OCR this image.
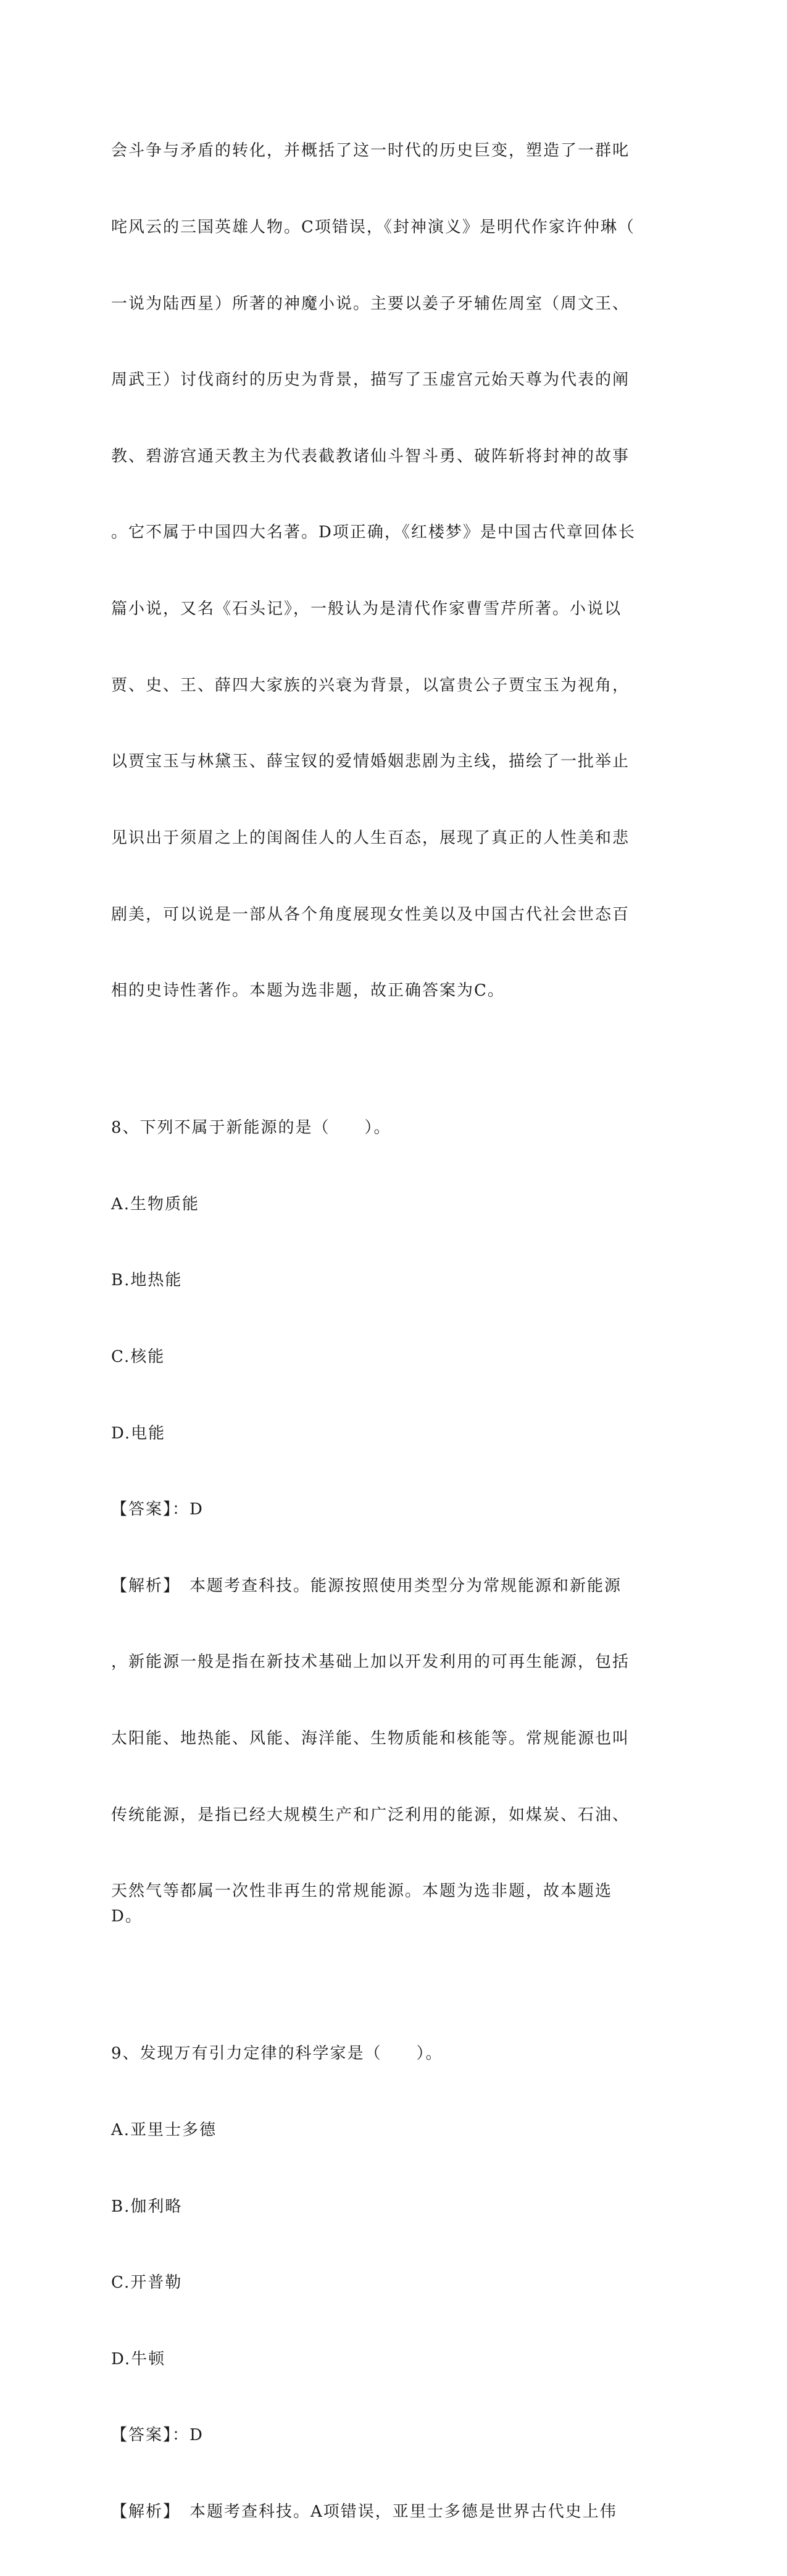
会斗争与矛盾的转化，并概括了这一时代的历史巨变，塑造了一群叱

咤风云的三国英雄人物。C项错误，《封神演义》是明代作家许仲琳（

一说为陆西星）所著的神魔小说。主要以姜子牙辅佐周室（周文王、

周武王）讨伐商纣的历史为背景，描写了玉虚宫元始天尊为代表的阐

教、碧游宫通天教主为代表截教诸仙斗智斗勇、破阵斩将封神的故事

。它不属于中国四大名著。D项正确，《红楼梦》是中国古代章回体长

篇小说，又名《石头记》，一般认为是清代作家曹雪芹所著。小说以

贾、史、王、薛四大家族的兴衰为背景，以富贵公子贾宝玉为视角，

以贾宝玉与林黛玉、薛宝钗的爱情婚姻悲剧为主线，描绘了一批举止

见识出于须眉之上的闺阁佳人的人生百态，展现了真正的人性美和悲

剧美，可以说是一部从各个角度展现女性美以及中国古代社会世态百

相的史诗性著作。本题为选非题，故正确答案为C。

8、下列不属于新能源的是（　　）。

A.生物质能

B.地热能

C.核能

D.电能

【答案】：D

【解析】　本题考查科技。能源按照使用类型分为常规能源和新能源

，新能源一般是指在新技术基础上加以开发利用的可再生能源，包括

太阳能、地热能、风能、海洋能、生物质能和核能等。常规能源也叫

传统能源，是指已经大规模生产和广泛利用的能源，如煤炭、石油、

天然气等都属一次性非再生的常规能源。本题为选非题，故本题选D。

9、发现万有引力定律的科学家是（　　）。

A.亚里士多德

B.伽利略

C.开普勒

D.牛顿

【答案】：D

【解析】　本题考查科技。A项错误，亚里士多德是世界古代史上伟
